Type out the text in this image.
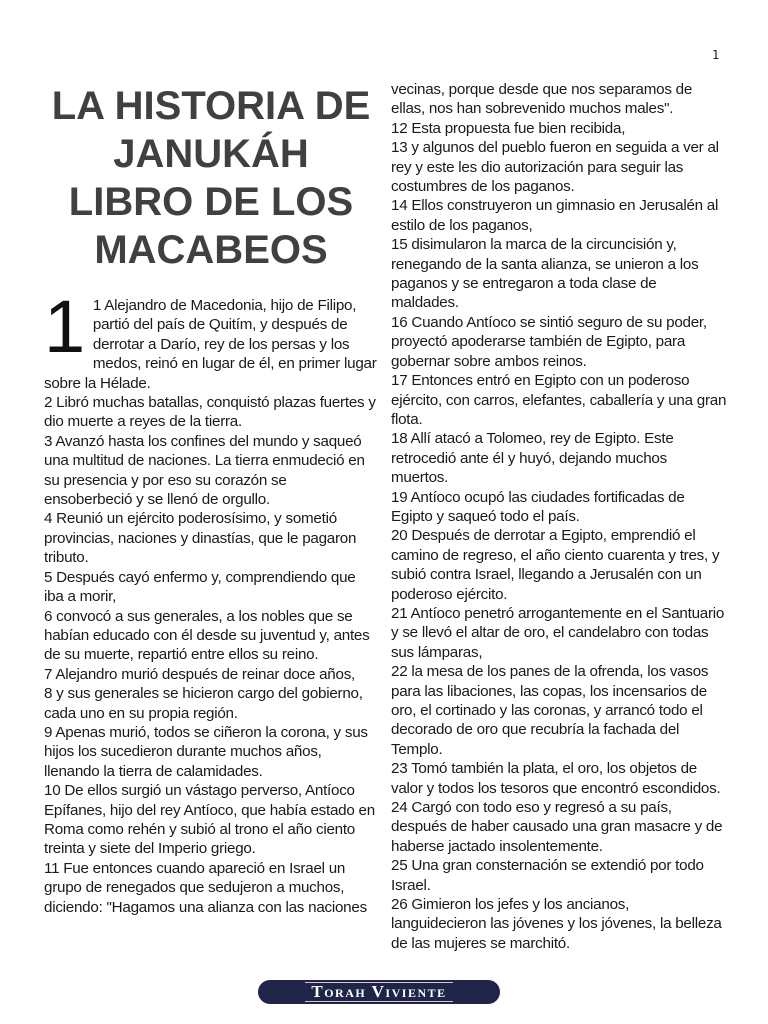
1
LA HISTORIA DE
JANUKÁH
LIBRO DE LOS
MACABEOS
1 1 Alejandro de Macedonia, hijo de Filipo, partió del país de Quitím, y después de derrotar a Darío, rey de los persas y los medos, reinó en lugar de él, en primer lugar sobre la Hélade.
2 Libró muchas batallas, conquistó plazas fuertes y dio muerte a reyes de la tierra.
3 Avanzó hasta los confines del mundo y saqueó una multitud de naciones. La tierra enmudeció en su presencia y por eso su corazón se ensoberbeció y se llenó de orgullo.
4 Reunió un ejército poderosísimo, y sometió provincias, naciones y dinastías, que le pagaron tributo.
5 Después cayó enfermo y, comprendiendo que iba a morir,
6 convocó a sus generales, a los nobles que se habían educado con él desde su juventud y, antes de su muerte, repartió entre ellos su reino.
7 Alejandro murió después de reinar doce años,
8 y sus generales se hicieron cargo del gobierno, cada uno en su propia región.
9 Apenas murió, todos se ciñeron la corona, y sus hijos los sucedieron durante muchos años, llenando la tierra de calamidades.
10 De ellos surgió un vástago perverso, Antíoco Epífanes, hijo del rey Antíoco, que había estado en Roma como rehén y subió al trono el año ciento treinta y siete del Imperio griego.
11 Fue entonces cuando apareció en Israel un grupo de renegados que sedujeron a muchos, diciendo: "Hagamos una alianza con las naciones
vecinas, porque desde que nos separamos de ellas, nos han sobrevenido muchos males".
12 Esta propuesta fue bien recibida,
13 y algunos del pueblo fueron en seguida a ver al rey y este les dio autorización para seguir las costumbres de los paganos.
14 Ellos construyeron un gimnasio en Jerusalén al estilo de los paganos,
15 disimularon la marca de la circuncisión y, renegando de la santa alianza, se unieron a los paganos y se entregaron a toda clase de maldades.
16 Cuando Antíoco se sintió seguro de su poder, proyectó apoderarse también de Egipto, para gobernar sobre ambos reinos.
17 Entonces entró en Egipto con un poderoso ejército, con carros, elefantes, caballería y una gran flota.
18 Allí atacó a Tolomeo, rey de Egipto. Este retrocedió ante él y huyó, dejando muchos muertos.
19 Antíoco ocupó las ciudades fortificadas de Egipto y saqueó todo el país.
20 Después de derrotar a Egipto, emprendió el camino de regreso, el año ciento cuarenta y tres, y subió contra Israel, llegando a Jerusalén con un poderoso ejército.
21 Antíoco penetró arrogantemente en el Santuario y se llevó el altar de oro, el candelabro con todas sus lámparas,
22 la mesa de los panes de la ofrenda, los vasos para las libaciones, las copas, los incensarios de oro, el cortinado y las coronas, y arrancó todo el decorado de oro que recubría la fachada del Templo.
23 Tomó también la plata, el oro, los objetos de valor y todos los tesoros que encontró escondidos.
24 Cargó con todo eso y regresó a su país, después de haber causado una gran masacre y de haberse jactado insolentemente.
25 Una gran consternación se extendió por todo Israel.
26 Gimieron los jefes y los ancianos, languidecieron las jóvenes y los jóvenes, la belleza de las mujeres se marchitó.
Torah Viviente
